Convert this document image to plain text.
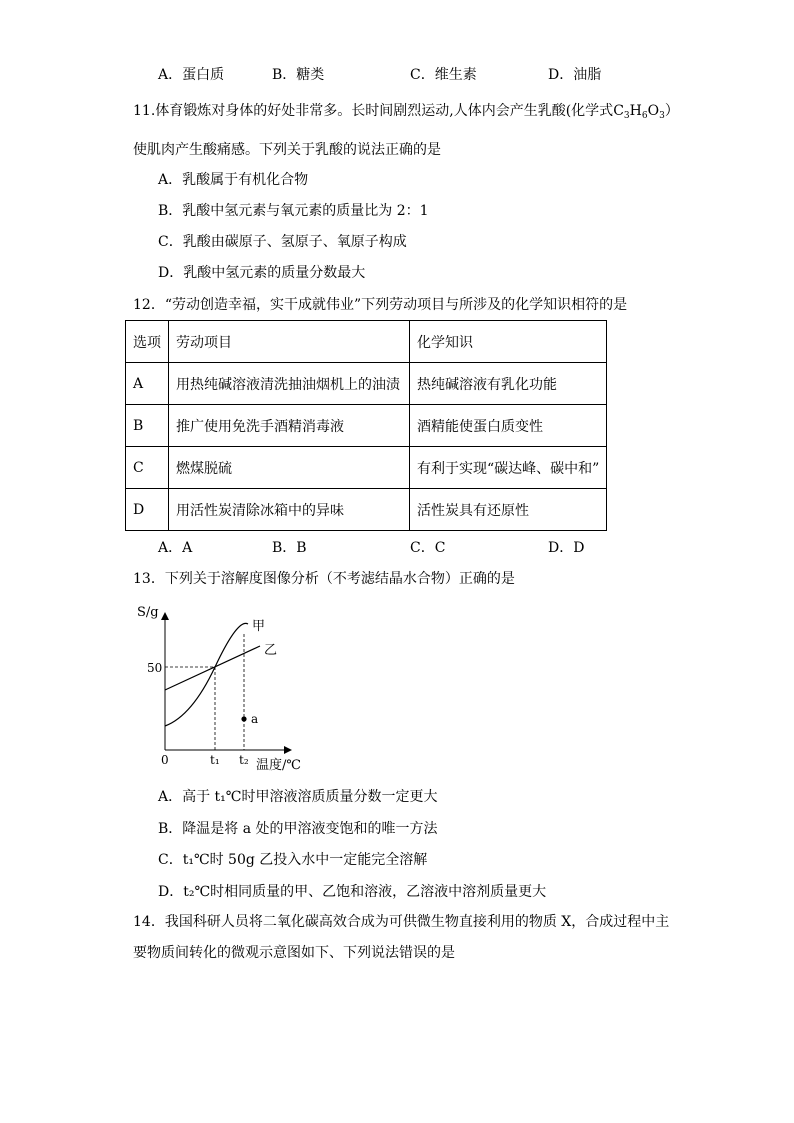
A．蛋白质	B．糖类	C．维生素	D．油脂
11.体育锻炼对身体的好处非常多。长时间剧烈运动,人体内会产生乳酸(化学式$C_3H_6O_3$）
使肌肉产生酸痛感。下列关于乳酸的说法正确的是
A．乳酸属于有机化合物
B．乳酸中氢元素与氧元素的质量比为 2：1
C．乳酸由碳原子、氢原子、氧原子构成
D．乳酸中氢元素的质量分数最大
12．“劳动创造幸福，实干成就伟业”下列劳动项目与所涉及的化学知识相符的是
选项	劳动项目	化学知识
A	用热纯碱溶液清洗抽油烟机上的油渍	热纯碱溶液有乳化功能
B	推广使用免洗手酒精消毒液	酒精能使蛋白质变性
C	燃煤脱硫	有利于实现“碳达峰、碳中和”
D	用活性炭清除冰箱中的异味	活性炭具有还原性
A．A	B．B	C．C	D．D
13．下列关于溶解度图像分析（不考滤结晶水合物）正确的是
S/g
温度/℃
0
50
t₁ t₂
甲
乙
a
A．高于 t₁℃时甲溶液溶质质量分数一定更大
B．降温是将 a 处的甲溶液变饱和的唯一方法
C．t₁℃时 50g 乙投入水中一定能完全溶解
D．t₂℃时相同质量的甲、乙饱和溶液，乙溶液中溶剂质量更大
14．我国科研人员将二氧化碳高效合成为可供微生物直接利用的物质 X，合成过程中主
要物质间转化的微观示意图如下、下列说法错误的是
